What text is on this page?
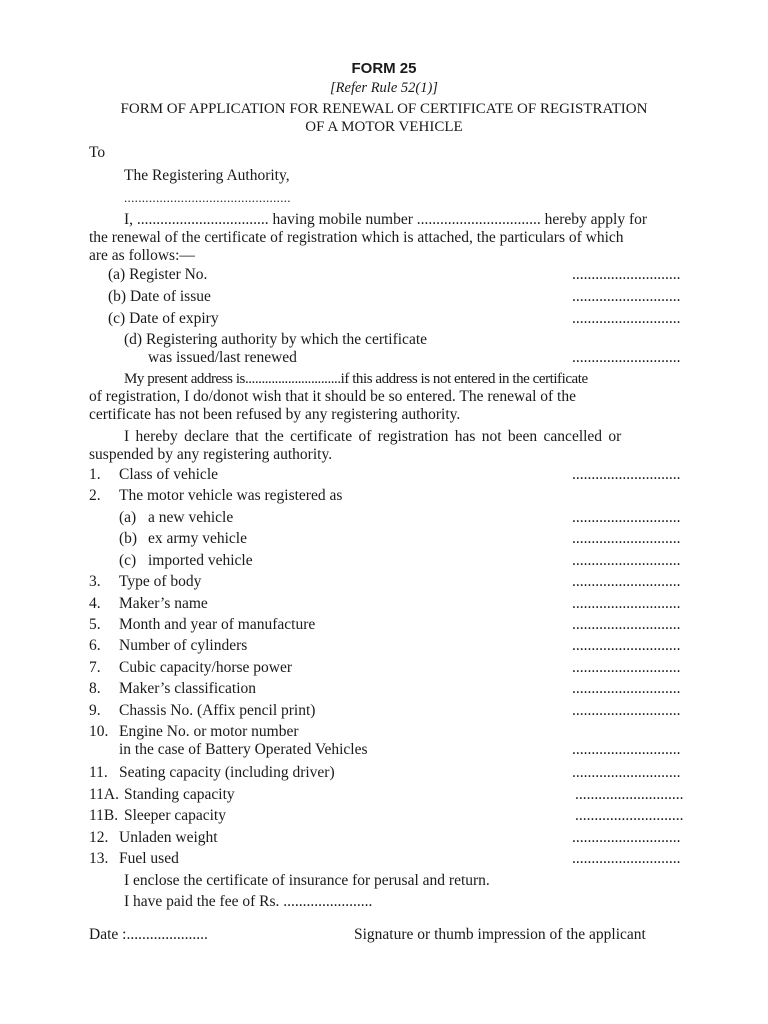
FORM 25
[Refer Rule 52(1)]
FORM OF APPLICATION FOR RENEWAL OF CERTIFICATE OF REGISTRATION
OF A MOTOR VEHICLE
To
The Registering Authority,
...............................................
I, .................................. having mobile number ................................ hereby apply for
the renewal of the certificate of registration which is attached, the particulars of which
are as follows:—
(a) Register No.	............................
(b) Date of issue	............................
(c) Date of expiry	............................
(d) Registering authority by which the certificate
was issued/last renewed	............................
My present address is.............................if this address is not entered in the certificate
of registration, I do/donot wish that it should be so entered. The renewal of the
certificate has not been refused by any registering authority.
I hereby declare that the certificate of registration has not been cancelled or
suspended by any registering authority.
1. Class of vehicle	............................
2. The motor vehicle was registered as
(a) a new vehicle	............................
(b) ex army vehicle	............................
(c) imported vehicle	............................
3. Type of body	............................
4. Maker’s name	............................
5. Month and year of manufacture	............................
6. Number of cylinders	............................
7. Cubic capacity/horse power	............................
8. Maker’s classification	............................
9. Chassis No. (Affix pencil print)	............................
10. Engine No. or motor number
in the case of Battery Operated Vehicles	............................
11. Seating capacity (including driver)	............................
11A. Standing capacity	............................
11B. Sleeper capacity	............................
12. Unladen weight	............................
13. Fuel used	............................
I enclose the certificate of insurance for perusal and return.
I have paid the fee of Rs. .......................
Date :.....................	Signature or thumb impression of the applicant
